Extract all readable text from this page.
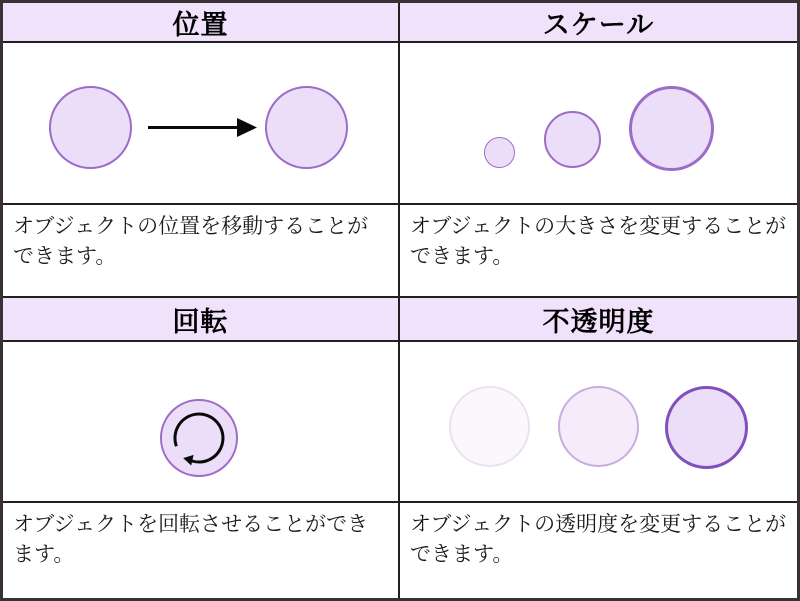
位置	スケール
オブジェクトの位置を移動することができます。
オブジェクトの大きさを変更することができます。
回転	不透明度
オブジェクトを回転させることができます。
オブジェクトの透明度を変更することができます。
